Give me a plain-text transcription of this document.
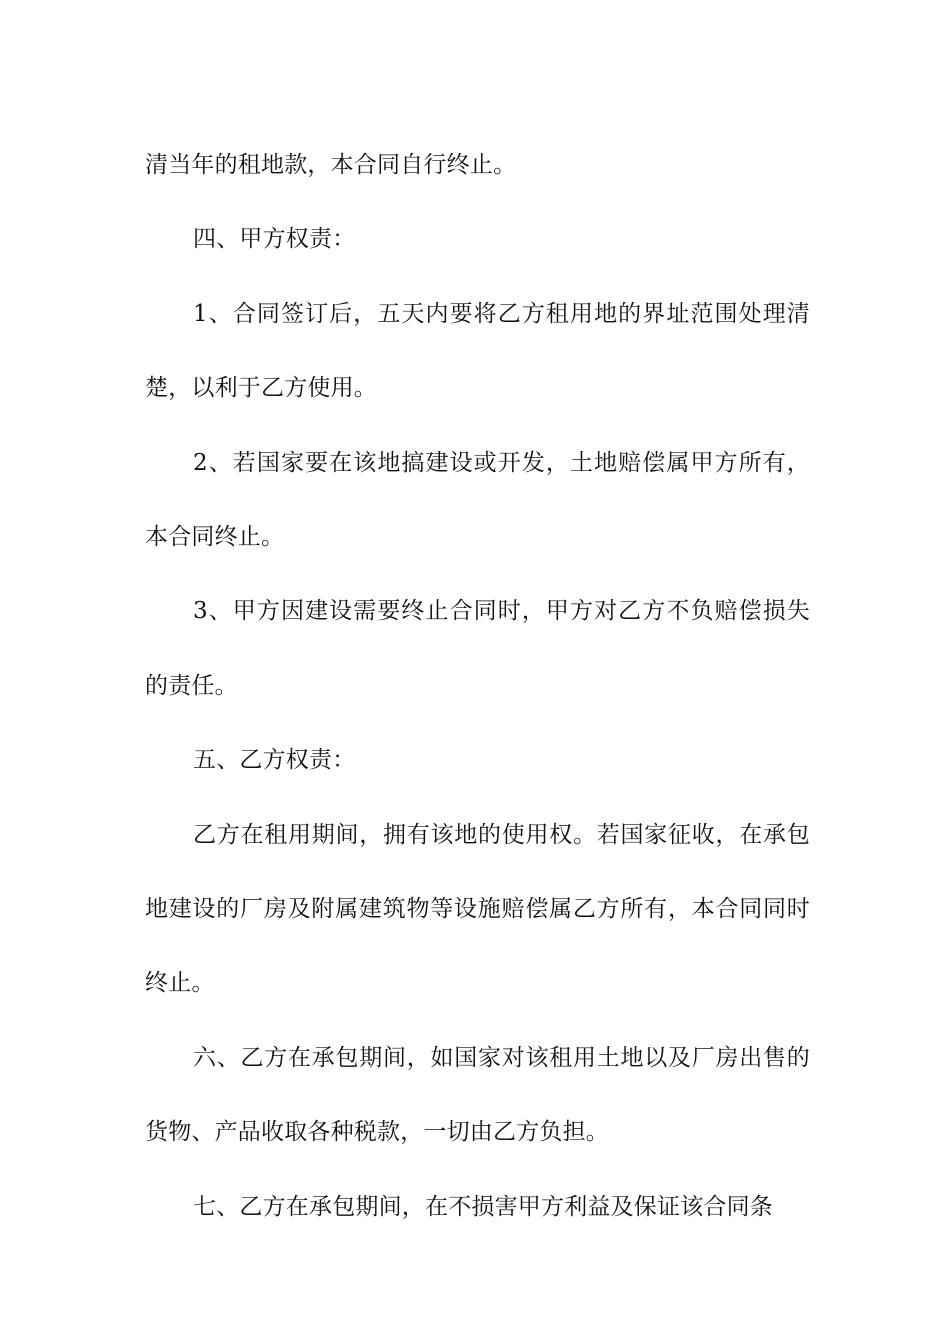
清当年的租地款，本合同自行终止。

四、甲方权责：

1、合同签订后，五天内要将乙方租用地的界址范围处理清楚，以利于乙方使用。

2、若国家要在该地搞建设或开发，土地赔偿属甲方所有，本合同终止。

3、甲方因建设需要终止合同时，甲方对乙方不负赔偿损失的责任。

五、乙方权责：

乙方在租用期间，拥有该地的使用权。若国家征收，在承包地建设的厂房及附属建筑物等设施赔偿属乙方所有，本合同同时终止。

六、乙方在承包期间，如国家对该租用土地以及厂房出售的货物、产品收取各种税款，一切由乙方负担。

七、乙方在承包期间，在不损害甲方利益及保证该合同条
